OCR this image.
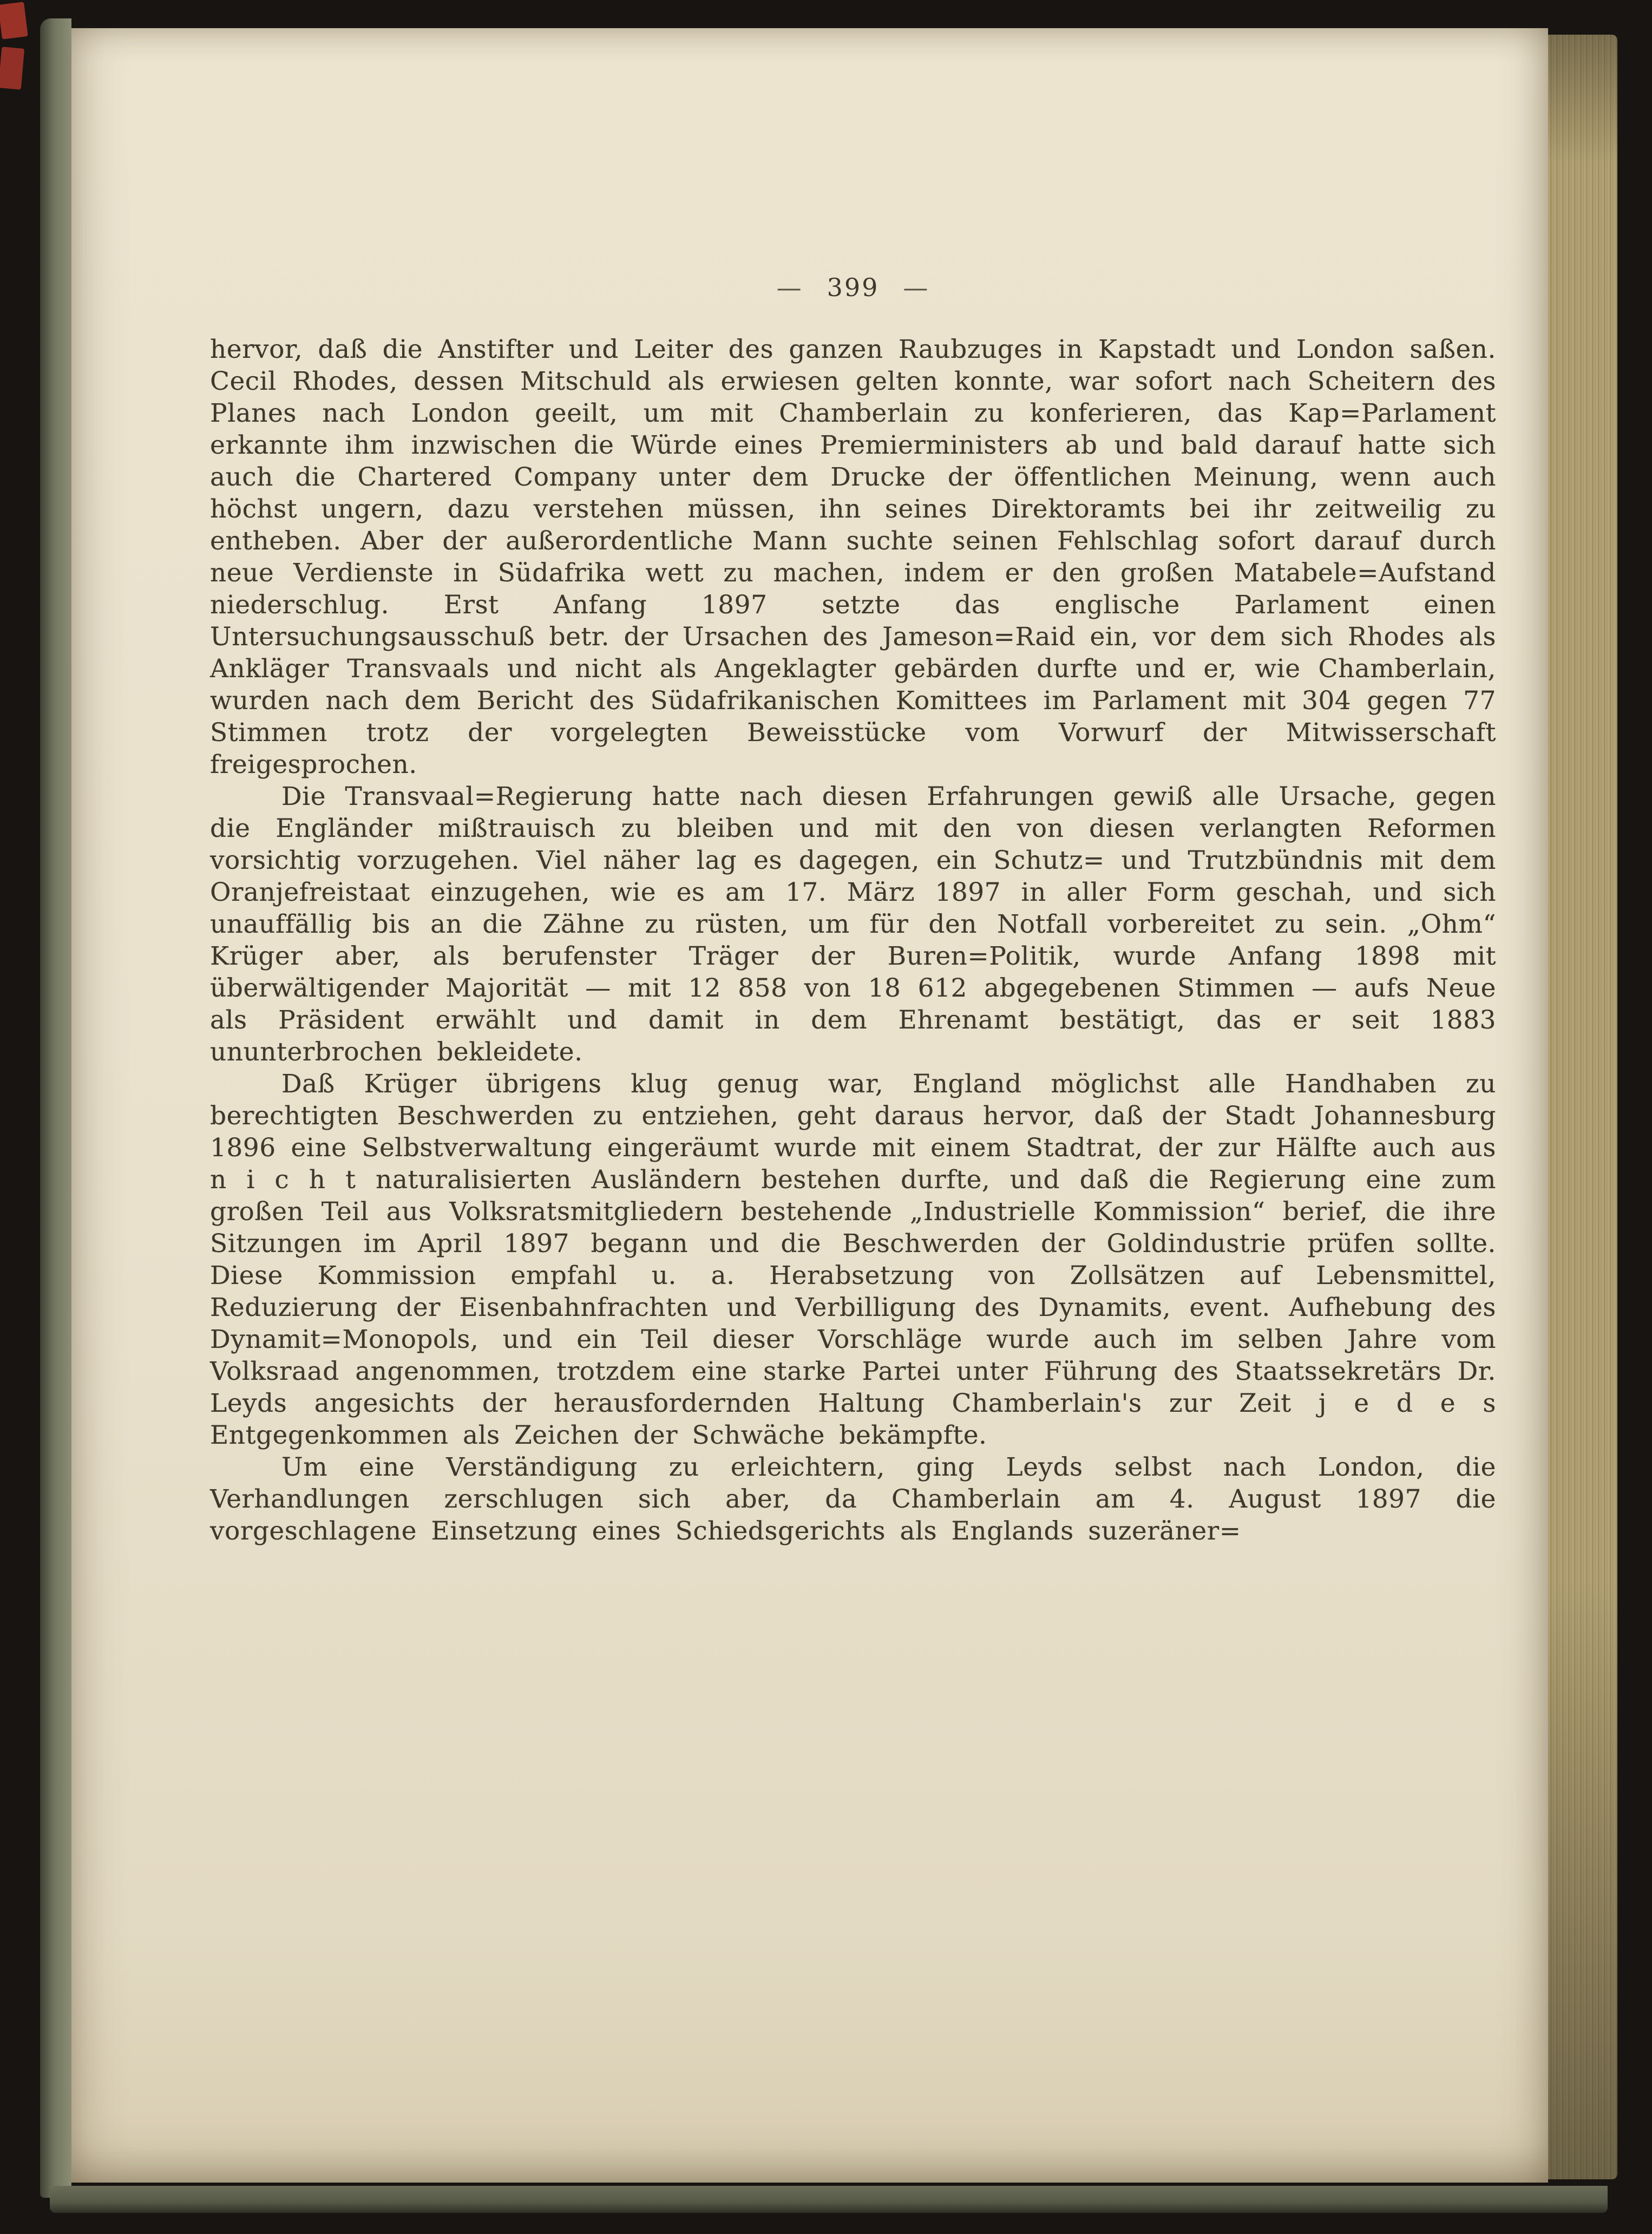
— 399 —

hervor, daß die Anstifter und Leiter des ganzen Raubzuges in Kapstadt und London saßen. Cecil Rhodes, dessen Mitschuld als erwiesen gelten konnte, war sofort nach Scheitern des Planes nach London geeilt, um mit Chamberlain zu konferieren, das Kap=Parlament erkannte ihm inzwischen die Würde eines Premierministers ab und bald darauf hatte sich auch die Chartered Company unter dem Drucke der öffentlichen Meinung, wenn auch höchst ungern, dazu verstehen müssen, ihn seines Direktoramts bei ihr zeitweilig zu entheben. Aber der außerordentliche Mann suchte seinen Fehlschlag sofort darauf durch neue Verdienste in Südafrika wett zu machen, indem er den großen Matabele=Aufstand niederschlug. Erst Anfang 1897 setzte das englische Parlament einen Untersuchungsausschuß betr. der Ursachen des Jameson=Raid ein, vor dem sich Rhodes als Ankläger Transvaals und nicht als Angeklagter gebärden durfte und er, wie Chamberlain, wurden nach dem Bericht des Südafrikanischen Komittees im Parlament mit 304 gegen 77 Stimmen trotz der vorgelegten Beweisstücke vom Vorwurf der Mitwisserschaft freigesprochen.

Die Transvaal=Regierung hatte nach diesen Erfahrungen gewiß alle Ursache, gegen die Engländer mißtrauisch zu bleiben und mit den von diesen verlangten Reformen vorsichtig vorzugehen. Viel näher lag es dagegen, ein Schutz= und Trutzbündnis mit dem Oranjefreistaat einzugehen, wie es am 17. März 1897 in aller Form geschah, und sich unauffällig bis an die Zähne zu rüsten, um für den Notfall vorbereitet zu sein. „Ohm“ Krüger aber, als berufenster Träger der Buren=Politik, wurde Anfang 1898 mit überwältigender Majorität — mit 12 858 von 18 612 abgegebenen Stimmen — aufs Neue als Präsident erwählt und damit in dem Ehrenamt bestätigt, das er seit 1883 ununterbrochen bekleidete.

Daß Krüger übrigens klug genug war, England möglichst alle Handhaben zu berechtigten Beschwerden zu entziehen, geht daraus hervor, daß der Stadt Johannesburg 1896 eine Selbstverwaltung eingeräumt wurde mit einem Stadtrat, der zur Hälfte auch aus n i c h t naturalisierten Ausländern bestehen durfte, und daß die Regierung eine zum großen Teil aus Volksratsmitgliedern bestehende „Industrielle Kommission“ berief, die ihre Sitzungen im April 1897 begann und die Beschwerden der Goldindustrie prüfen sollte. Diese Kommission empfahl u. a. Herabsetzung von Zollsätzen auf Lebensmittel, Reduzierung der Eisenbahnfrachten und Verbilligung des Dynamits, event. Aufhebung des Dynamit=Monopols, und ein Teil dieser Vorschläge wurde auch im selben Jahre vom Volksraad angenommen, trotzdem eine starke Partei unter Führung des Staatssekretärs Dr. Leyds angesichts der herausfordernden Haltung Chamberlain's zur Zeit j e d e s Entgegenkommen als Zeichen der Schwäche bekämpfte.

Um eine Verständigung zu erleichtern, ging Leyds selbst nach London, die Verhandlungen zerschlugen sich aber, da Chamberlain am 4. August 1897 die vorgeschlagene Einsetzung eines Schiedsgerichts als Englands suzeräner=
